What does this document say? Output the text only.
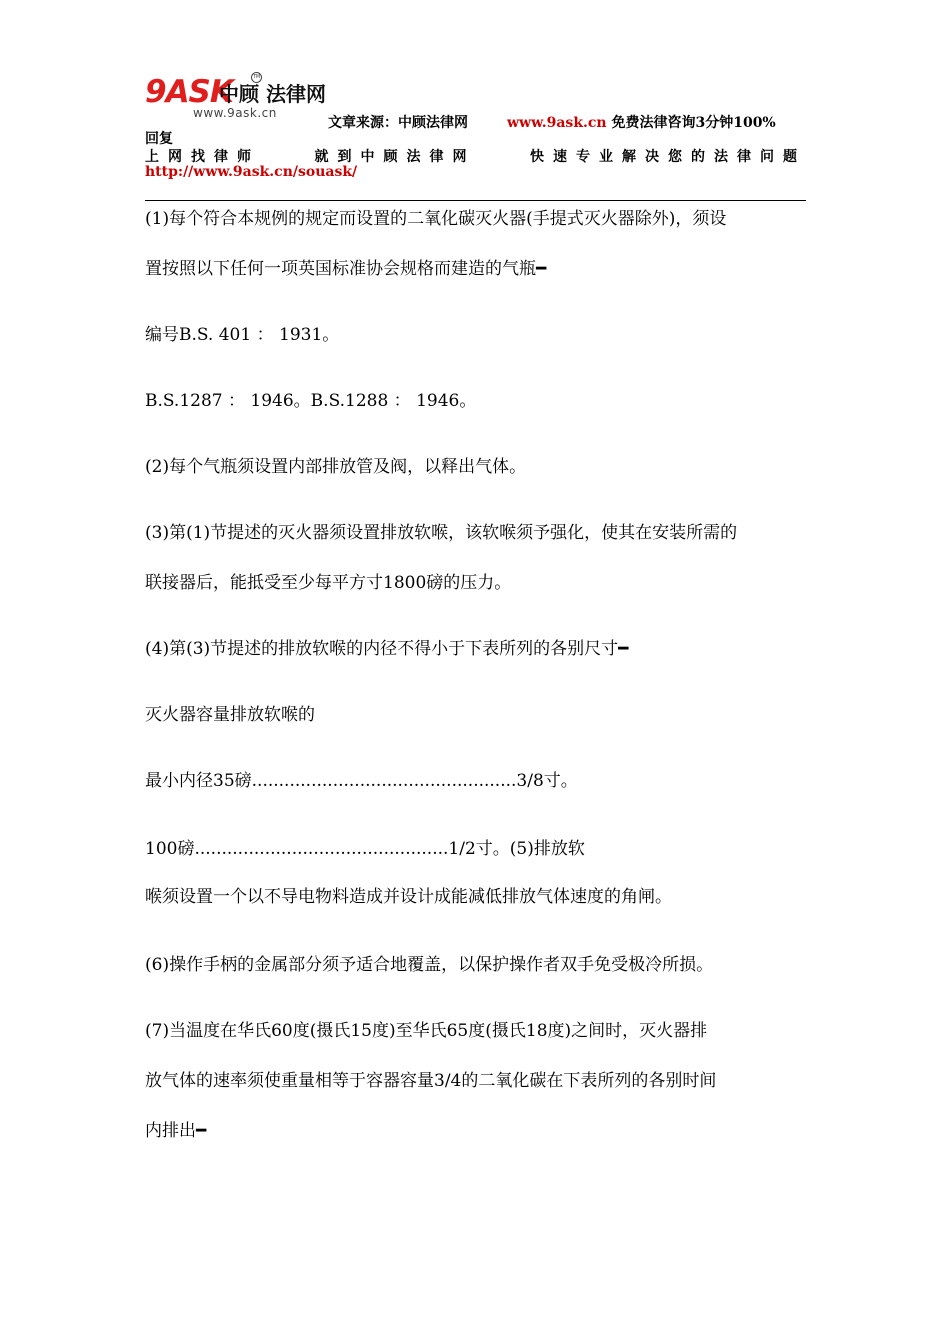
9ASK
中顾 法律网
TM
www.9ask.cn
文章来源：中顾法律网	www.9ask.cn 免费法律咨询3分钟100%
回复
上网找律师	就到中顾法律网	快速专业解决您的法律问题
http://www.9ask.cn/souask/
(1)每个符合本规例的规定而设置的二氧化碳灭火器(手提式灭火器除外)，须设
置按照以下任何一项英国标准协会规格而建造的气瓶━
编号B.S. 401 ： 1931。
B.S.1287 ： 1946。B.S.1288 ： 1946。
(2)每个气瓶须设置内部排放管及阀，以释出气体。
(3)第(1)节提述的灭火器须设置排放软喉，该软喉须予强化，使其在安装所需的
联接器后，能抵受至少每平方寸1800磅的压力。
(4)第(3)节提述的排放软喉的内径不得小于下表所列的各别尺寸━
灭火器容量排放软喉的
最小内径35磅.................................................3/8寸。
100磅...............................................1/2寸。(5)排放软
喉须设置一个以不导电物料造成并设计成能减低排放气体速度的角闸。
(6)操作手柄的金属部分须予适合地覆盖，以保护操作者双手免受极冷所损。
(7)当温度在华氏60度(摄氏15度)至华氏65度(摄氏18度)之间时，灭火器排
放气体的速率须使重量相等于容器容量3/4的二氧化碳在下表所列的各别时间
内排出━
